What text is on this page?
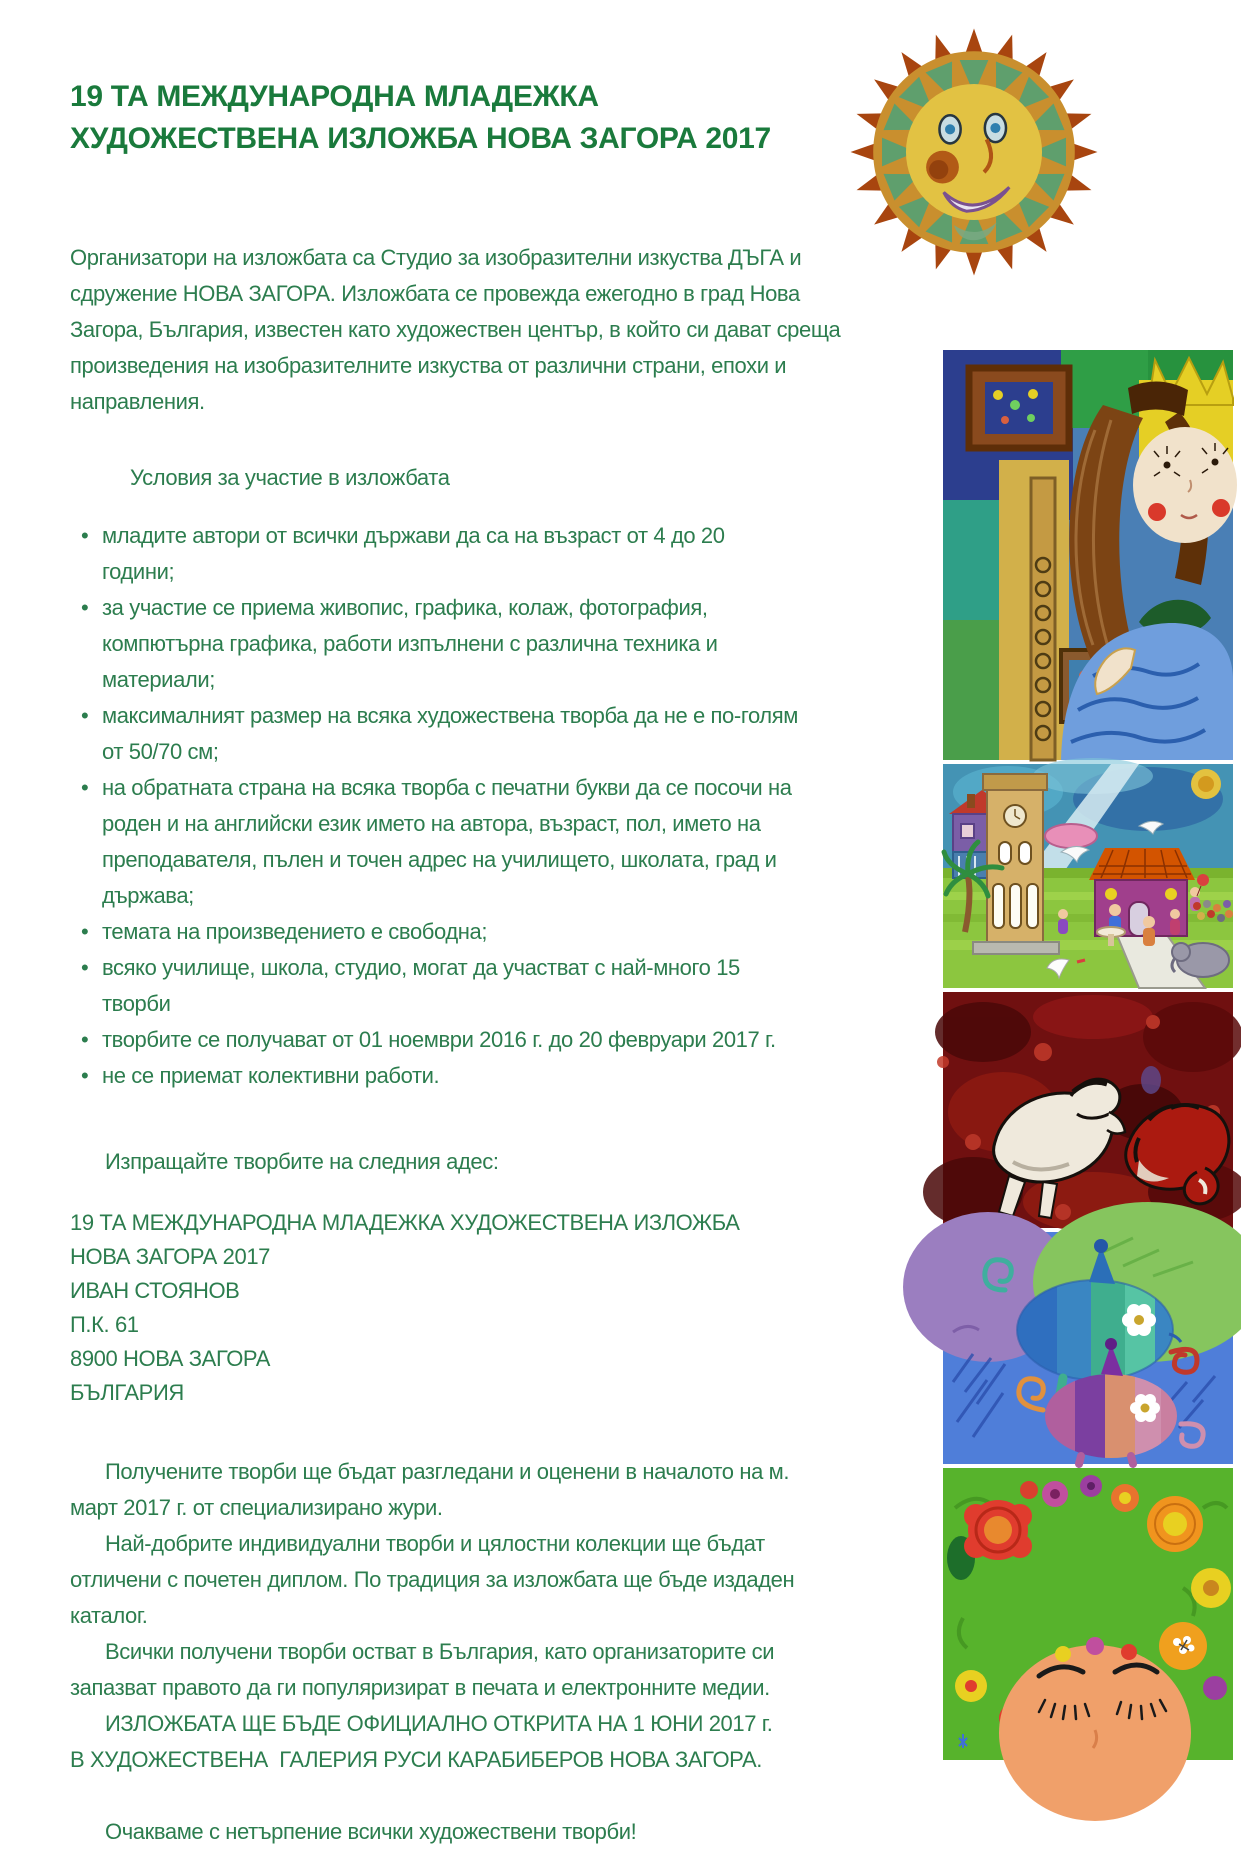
19 ТА МЕЖДУНАРОДНА МЛАДЕЖКА
ХУДОЖЕСТВЕНА ИЗЛОЖБА НОВА ЗАГОРА 2017

Организатори на изложбата са Студио за изобразителни изкуства ДЪГА и сдружение НОВА ЗАГОРА. Изложбата се провежда ежегодно в град Нова Загора, България, известен като художествен център, в който си дават среща произведения на изобразителните изкуства от различни страни, епохи и направления.

Условия за участие в изложбата
• младите автори от всички държави да са на възраст от 4 до 20 години;
• за участие се приема живопис, графика, колаж, фотография, компютърна графика, работи изпълнени с различна техника и материали;
• максималният размер на всяка художествена творба да не е по-голям от 50/70 см;
• на обратната страна на всяка творба с печатни букви да се посочи на роден и на английски език името на автора, възраст, пол, името на преподавателя, пълен и точен адрес на училището, школата, град и държава;
• темата на произведението е свободна;
• всяко училище, школа, студио, могат да участват с най-много 15 творби
• творбите се получават от 01 ноември 2016 г. до 20 февруари 2017 г.
• не се приемат колективни работи.

Изпращайте творбите на следния адес:

19 ТА МЕЖДУНАРОДНА МЛАДЕЖКА ХУДОЖЕСТВЕНА ИЗЛОЖБА
НОВА ЗАГОРА 2017
ИВАН СТОЯНОВ
П.К. 61
8900 НОВА ЗАГОРА
БЪЛГАРИЯ

Получените творби ще бъдат разгледани и оценени в началото на м. март 2017 г. от специализирано жури.

Най-добрите индивидуални творби и цялостни колекции ще бъдат отличени с почетен диплом. По традиция за изложбата ще бъде издаден каталог.

Всички получени творби остват в България, като организаторите си запазват правото да ги популяризират в печата и електронните медии.

ИЗЛОЖБАТА ЩЕ БЪДЕ ОФИЦИАЛНО ОТКРИТА НА 1 ЮНИ 2017 г.

В ХУДОЖЕСТВЕНА  ГАЛЕРИЯ РУСИ КАРАБИБЕРОВ НОВА ЗАГОРА.

Очакваме с нетърпение всички художествени творби!
